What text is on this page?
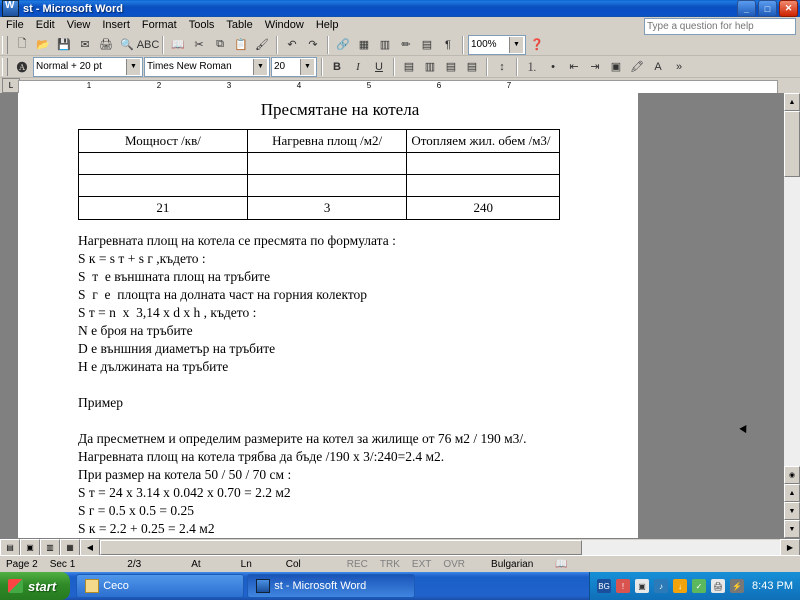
W
st - Microsoft Word	_	□	✕
File	Edit	View	Insert	Format	Tools	Table	Window	Help
Type a question for help
🗋 📂 💾 ✉ 🖨 🔍 ABC 📖 ✂	⧉ 📋 🖌	↶	↷	🔗 ▦ ▥	✏	▤	¶	100%	▼ ❓
🅐 Normal + 20 pt	▼	Times New Roman	▼	20	▼	B	I	U	▤ ▥ ▤ ▤	↕	⒈	•	⇤	⇥	▣ 🖍 A	»
L	1	2	3	4	5	6	7
Пресмятане на котела
Мощност /кв/	Нагревна площ /м2/	Отопляем жил. обем /м3/

21	3	240
Нагревната площ на котела се пресмята по формулата :
S к = s т + s г ,където :
S  т  е външната площ на тръбите
S  г  е  площта на долната част на горния колектор
S т = n  x  3,14 x d x h , където :
N е броя на тръбите
D е външния диаметър на тръбите
H е дължината на тръбите
Пример
Да пресметнем и определим размерите на котел за жилище от 76 м2 / 190 м3/.
Нагревната площ на котела трябва да бъде /190 х 3/:240=2.4 м2.
При размер на котела 50 / 50 / 70 см :
S т = 24 х 3.14 х 0.042 х 0.70 = 2.2 м2
S г = 0.5 х 0.5 = 0.25
S к = 2.2 + 0.25 = 2.4 м2
▲
◉
▲
▼
▼
▤	▣	▥	▦	◀	▶
Page 2	Sec 1	2/3	At	Ln	Col	REC	TRK	EXT	OVR	Bulgarian	📖
start	Ceco	st - Microsoft Word	BG	!	▣	♪	↓	✓	🖨 ⚡ 8:43 PM
